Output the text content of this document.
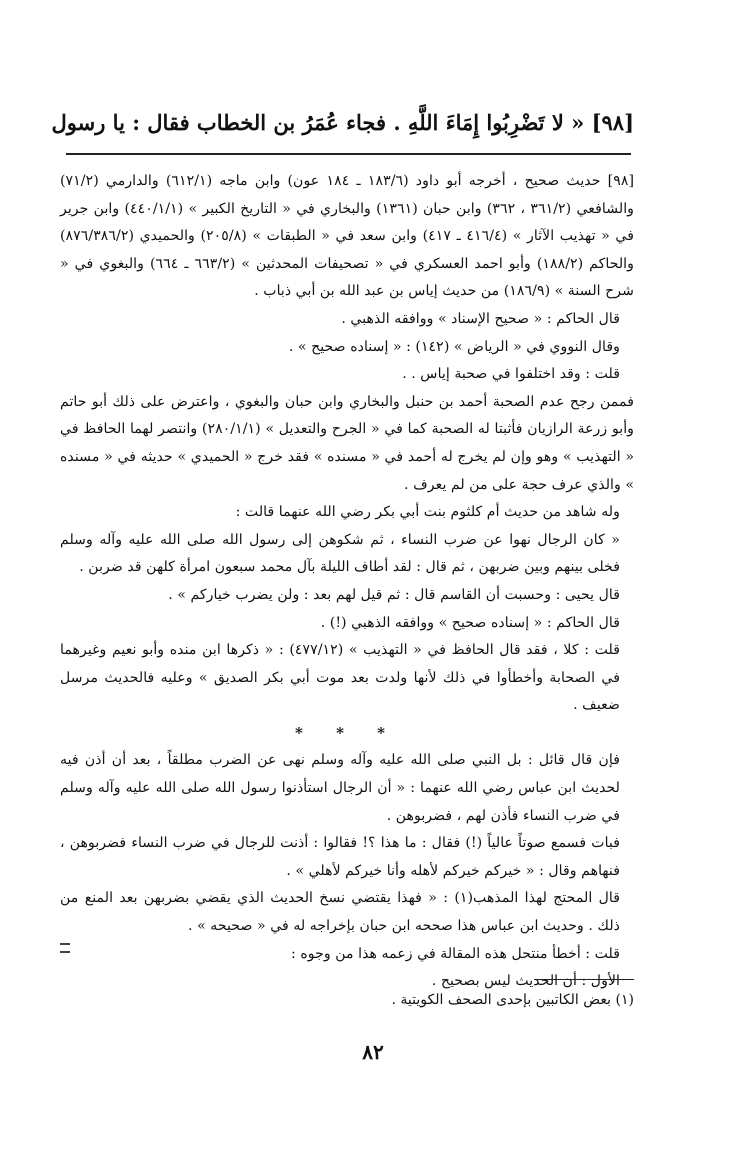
[٩٨] « لا تَضْرِبُوا إِمَاءَ اللَّهِ . فجاء عُمَرُ بن الخطاب فقال : يا رسول

[٩٨] حديث صحيح ، أخرجه أبو داود (١٨٣/٦ ـ ١٨٤ عون) وابن ماجه (٦١٢/١) والدارمي (٧١/٢) والشافعي (٣٦١/٢ ، ٣٦٢) وابن حبان (١٣٦١) والبخاري في « التاريخ الكبير » (٤٤٠/١/١) وابن جرير في « تهذيب الآثار » (٤١٦/٤ ـ ٤١٧) وابن سعد في « الطبقات » (٢٠٥/٨) والحميدي (٨٧٦/٣٨٦/٢) والحاكم (١٨٨/٢) وأبو احمد العسكري في « تصحيفات المحدثين » (٦٦٣/٢ ـ ٦٦٤) والبغوي في « شرح السنة » (١٨٦/٩) من حديث إياس بن عبد الله بن أبي ذباب .

قال الحاكم : « صحيح الإسناد » ووافقه الذهبي .

وقال النووي في « الرياض » (١٤٢) : « إسناده صحيح » .

قلت : وقد اختلفوا في صحبة إياس . .

فممن رجح عدم الصحبة أحمد بن حنبل والبخاري وابن حبان والبغوي ، واعترض على ذلك أبو حاتم وأبو زرعة الرازيان فأثبتا له الصحبة كما في « الجرح والتعديل » (٢٨٠/١/١) وانتصر لهما الحافظ في « التهذيب » وهو وإن لم يخرج له أحمد في « مسنده » فقد خرج « الحميدي » حديثه في « مسنده » والذي عرف حجة على من لم يعرف .

وله شاهد من حديث أم كلثوم بنت أبي بكر رضي الله عنهما قالت :

« كان الرجال نهوا عن ضرب النساء ، ثم شكوهن إلى رسول الله صلى الله عليه وآله وسلم فخلى بينهم وبين ضربهن ، ثم قال : لقد أطاف الليلة بآل محمد سبعون امرأة كلهن قد ضربن .

قال يحيى : وحسبت أن القاسم قال : ثم قيل لهم بعد : ولن يضرب خياركم » .

قال الحاكم : « إسناده صحيح » ووافقه الذهبي (!) .

قلت : كلا ، فقد قال الحافظ في « التهذيب » (٤٧٧/١٢) : « ذكرها ابن منده وأبو نعيم وغيرهما في الصحابة وأخطأوا في ذلك لأنها ولدت بعد موت أبي بكر الصديق » وعليه فالحديث مرسل ضعيف .

* * *

فإن قال قائل : بل النبي صلى الله عليه وآله وسلم نهى عن الضرب مطلقاً ، بعد أن أذن فيه لحديث ابن عباس رضي الله عنهما : « أن الرجال استأذنوا رسول الله صلى الله عليه وآله وسلم في ضرب النساء فأذن لهم ، فضربوهن .

فبات فسمع صوتاً عالياً (!) فقال : ما هذا ؟! فقالوا : أذنت للرجال في ضرب النساء فضربوهن ، فنهاهم وقال : « خيركم خيركم لأهله وأنا خيركم لأهلي » .

قال المحتج لهذا المذهب(١) : « فهذا يقتضي نسخ الحديث الذي يقضي بضربهن بعد المنع من ذلك . وحديث ابن عباس هذا صححه ابن حبان بإخراجه له في « صحيحه » .

قلت : أخطأ منتحل هذه المقالة في زعمه هذا من وجوه :

الأول : أن الحديث ليس بصحيح .

(١) بعض الكاتبين بإحدى الصحف الكويتية .
٨٢
